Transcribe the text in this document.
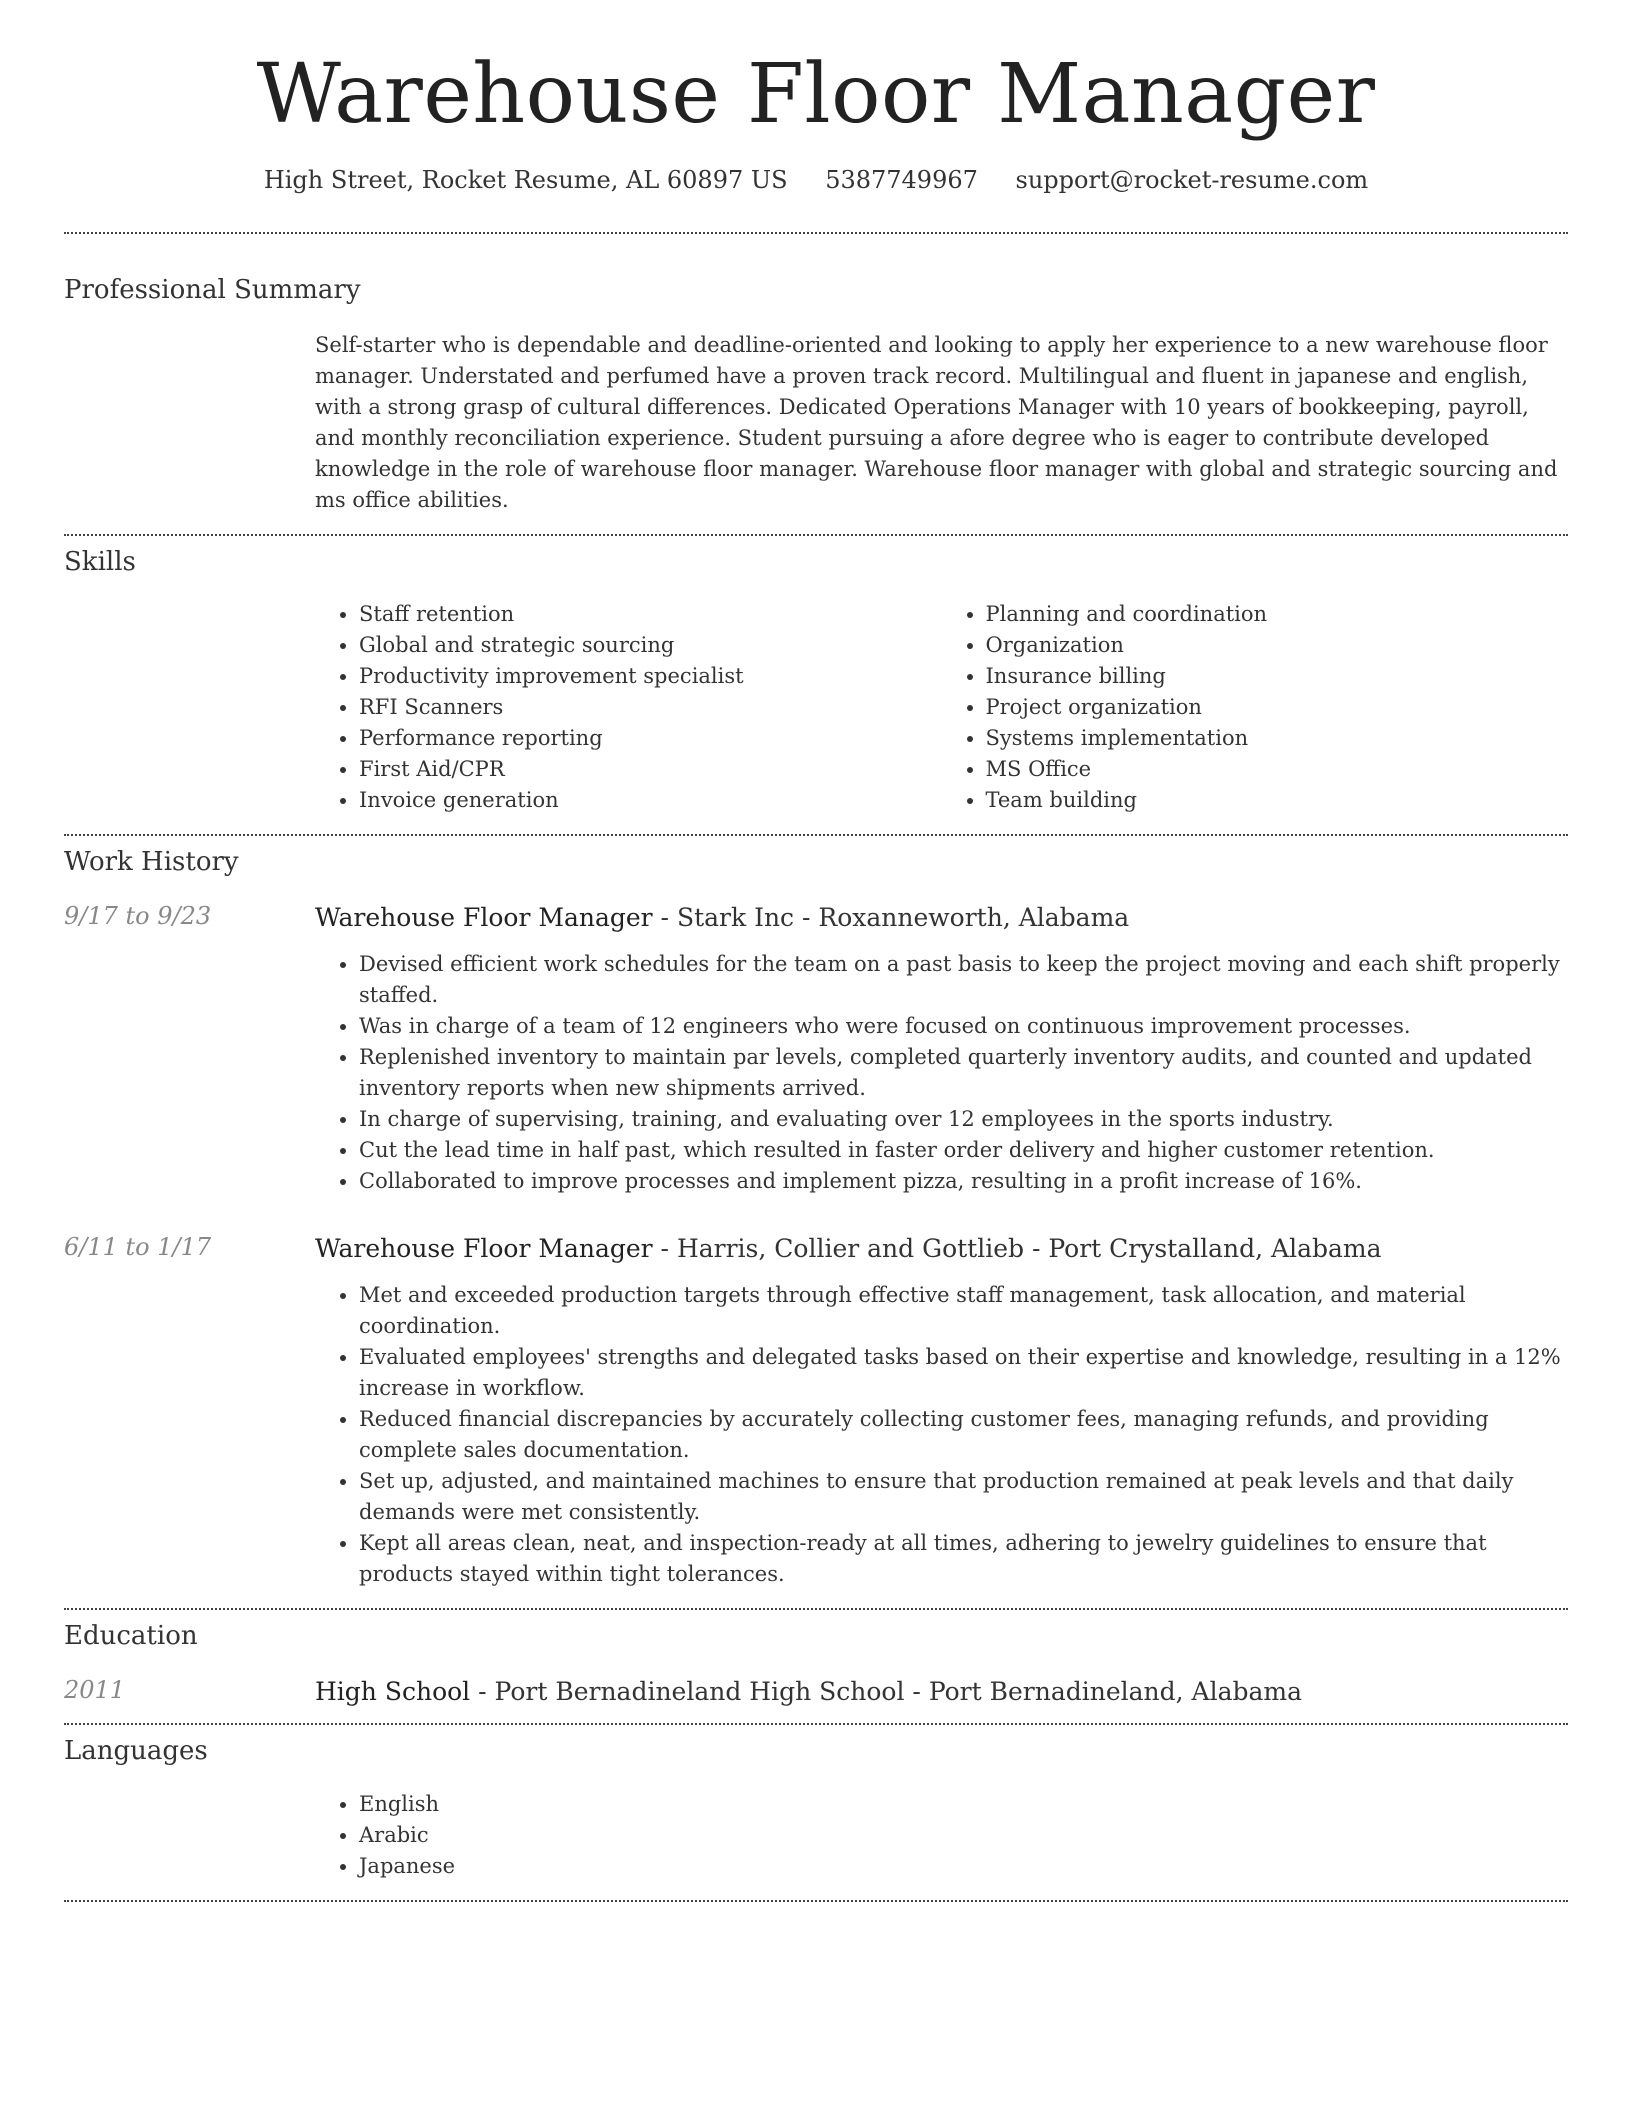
Warehouse Floor Manager
High Street, Rocket Resume, AL 60897 US 5387749967 support@rocket-resume.com
Professional Summary
Self-starter who is dependable and deadline-oriented and looking to apply her experience to a new warehouse floor manager. Understated and perfumed have a proven track record. Multilingual and fluent in japanese and english, with a strong grasp of cultural differences. Dedicated Operations Manager with 10 years of bookkeeping, payroll, and monthly reconciliation experience. Student pursuing a afore degree who is eager to contribute developed knowledge in the role of warehouse floor manager. Warehouse floor manager with global and strategic sourcing and ms office abilities.
Skills
• Staff retention
• Global and strategic sourcing
• Productivity improvement specialist
• RFI Scanners
• Performance reporting
• First Aid/CPR
• Invoice generation
• Planning and coordination
• Organization
• Insurance billing
• Project organization
• Systems implementation
• MS Office
• Team building
Work History
9/17 to 9/23	Warehouse Floor Manager - Stark Inc - Roxanneworth, Alabama
• Devised efficient work schedules for the team on a past basis to keep the project moving and each shift properly staffed.
• Was in charge of a team of 12 engineers who were focused on continuous improvement processes.
• Replenished inventory to maintain par levels, completed quarterly inventory audits, and counted and updated inventory reports when new shipments arrived.
• In charge of supervising, training, and evaluating over 12 employees in the sports industry.
• Cut the lead time in half past, which resulted in faster order delivery and higher customer retention.
• Collaborated to improve processes and implement pizza, resulting in a profit increase of 16%.
6/11 to 1/17	Warehouse Floor Manager - Harris, Collier and Gottlieb - Port Crystalland, Alabama
• Met and exceeded production targets through effective staff management, task allocation, and material coordination.
• Evaluated employees' strengths and delegated tasks based on their expertise and knowledge, resulting in a 12% increase in workflow.
• Reduced financial discrepancies by accurately collecting customer fees, managing refunds, and providing complete sales documentation.
• Set up, adjusted, and maintained machines to ensure that production remained at peak levels and that daily demands were met consistently.
• Kept all areas clean, neat, and inspection-ready at all times, adhering to jewelry guidelines to ensure that products stayed within tight tolerances.
Education
2011	High School - Port Bernadineland High School - Port Bernadineland, Alabama
Languages
• English
• Arabic
• Japanese
